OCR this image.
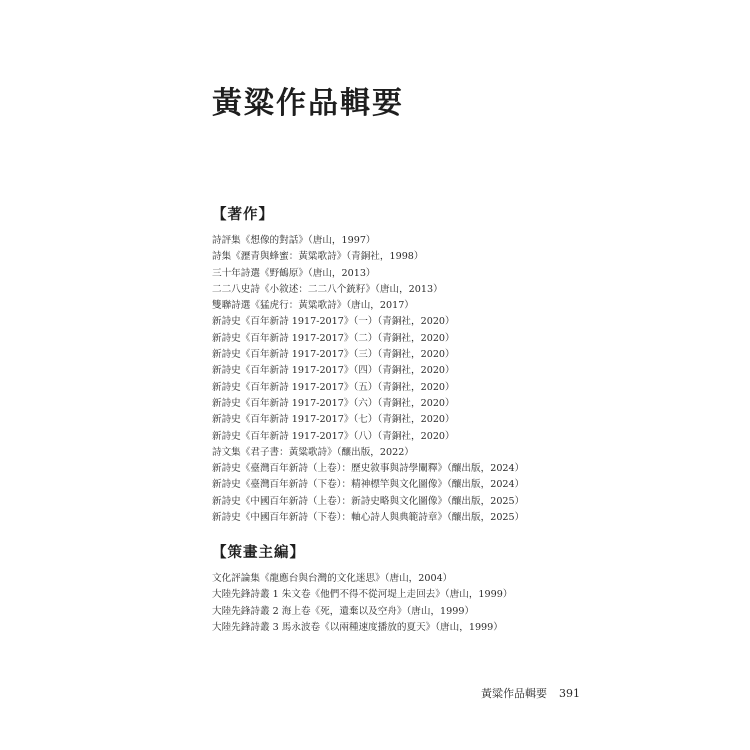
黃粱作品輯要
【著作】
詩評集《想像的對話》（唐山，1997）
詩集《瀝青與蜂蜜：黃粱歌詩》（青銅社，1998）
三十年詩選《野鶴原》（唐山，2013）
二二八史詩《小敘述：二二八个銃籽》（唐山，2013）
雙聯詩選《猛虎行：黃粱歌詩》（唐山，2017）
新詩史《百年新詩 1917-2017》（一）（青銅社，2020）
新詩史《百年新詩 1917-2017》（二）（青銅社，2020）
新詩史《百年新詩 1917-2017》（三）（青銅社，2020）
新詩史《百年新詩 1917-2017》（四）（青銅社，2020）
新詩史《百年新詩 1917-2017》（五）（青銅社，2020）
新詩史《百年新詩 1917-2017》（六）（青銅社，2020）
新詩史《百年新詩 1917-2017》（七）（青銅社，2020）
新詩史《百年新詩 1917-2017》（八）（青銅社，2020）
詩文集《君子書：黃粱歌詩》（釀出版，2022）
新詩史《臺灣百年新詩（上卷）：歷史敘事與詩學闡釋》（釀出版，2024）
新詩史《臺灣百年新詩（下卷）：精神標竿與文化圖像》（釀出版，2024）
新詩史《中國百年新詩（上卷）：新詩史略與文化圖像》（釀出版，2025）
新詩史《中國百年新詩（下卷）：軸心詩人與典範詩章》（釀出版，2025）
【策畫主編】
文化評論集《龍應台與台灣的文化迷思》（唐山，2004）
大陸先鋒詩叢 1 朱文卷《他們不得不從河堤上走回去》（唐山，1999）
大陸先鋒詩叢 2 海上卷《死，遺棄以及空舟》（唐山，1999）
大陸先鋒詩叢 3 馬永波卷《以兩種速度播放的夏天》（唐山，1999）
黃粱作品輯要 391
